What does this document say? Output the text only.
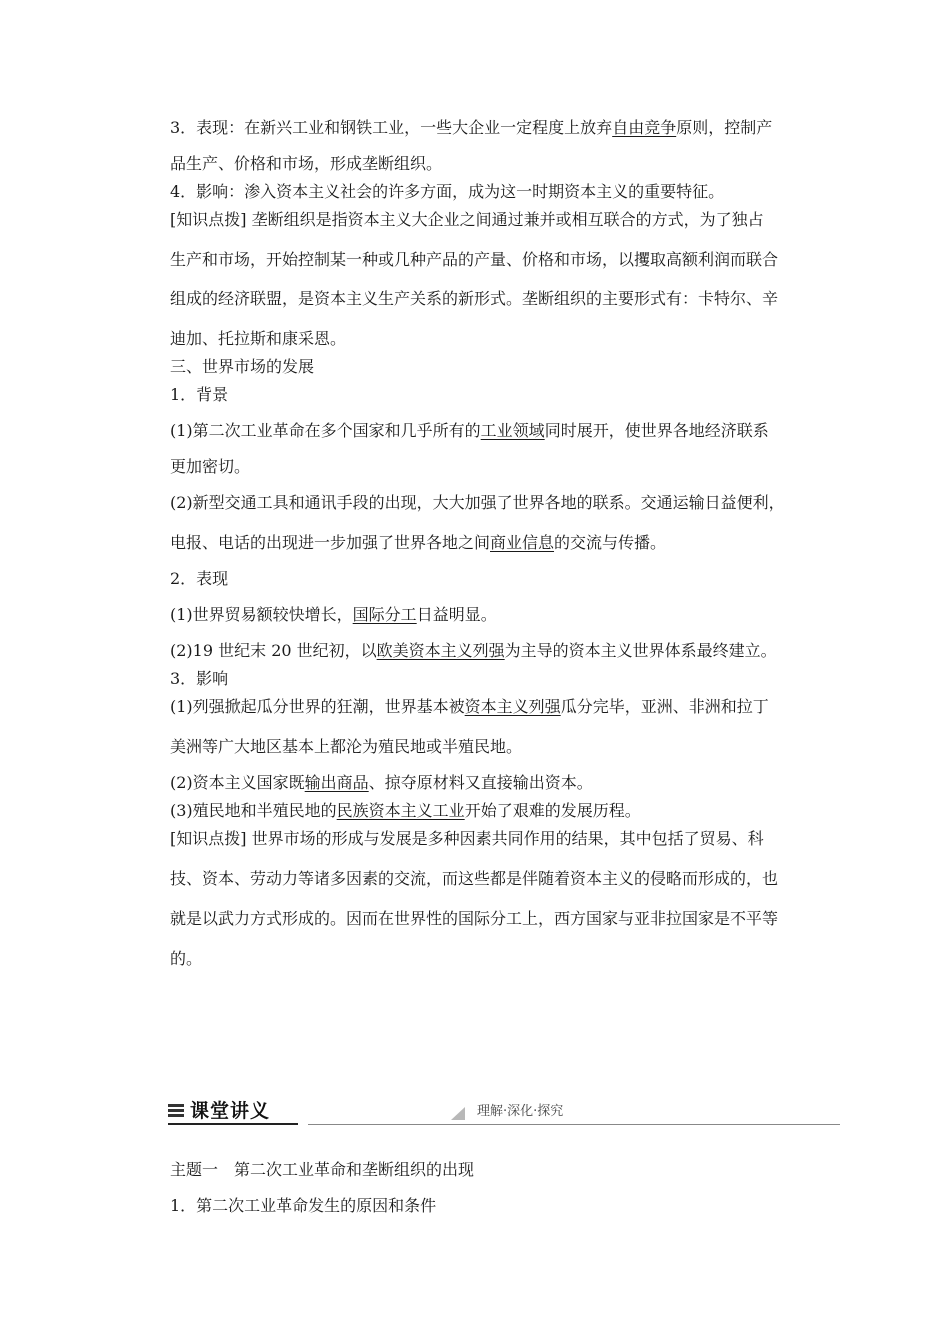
3．表现：在新兴工业和钢铁工业，一些大企业一定程度上放弃自由竞争原则，控制产

品生产、价格和市场，形成垄断组织。

4．影响：渗入资本主义社会的许多方面，成为这一时期资本主义的重要特征。

[知识点拨] 垄断组织是指资本主义大企业之间通过兼并或相互联合的方式，为了独占

生产和市场，开始控制某一种或几种产品的产量、价格和市场，以攫取高额利润而联合

组成的经济联盟，是资本主义生产关系的新形式。垄断组织的主要形式有：卡特尔、辛

迪加、托拉斯和康采恩。

三、世界市场的发展

1．背景

(1)第二次工业革命在多个国家和几乎所有的工业领域同时展开，使世界各地经济联系

更加密切。

(2)新型交通工具和通讯手段的出现，大大加强了世界各地的联系。交通运输日益便利，

电报、电话的出现进一步加强了世界各地之间商业信息的交流与传播。

2．表现

(1)世界贸易额较快增长，国际分工日益明显。

(2)19 世纪末 20 世纪初，以欧美资本主义列强为主导的资本主义世界体系最终建立。

3．影响

(1)列强掀起瓜分世界的狂潮，世界基本被资本主义列强瓜分完毕，亚洲、非洲和拉丁

美洲等广大地区基本上都沦为殖民地或半殖民地。

(2)资本主义国家既输出商品、掠夺原材料又直接输出资本。

(3)殖民地和半殖民地的民族资本主义工业开始了艰难的发展历程。

[知识点拨] 世界市场的形成与发展是多种因素共同作用的结果，其中包括了贸易、科

技、资本、劳动力等诸多因素的交流，而这些都是伴随着资本主义的侵略而形成的，也

就是以武力方式形成的。因而在世界性的国际分工上，西方国家与亚非拉国家是不平等

的。

课堂讲义	理解·深化·探究

主题一　第二次工业革命和垄断组织的出现

1．第二次工业革命发生的原因和条件
